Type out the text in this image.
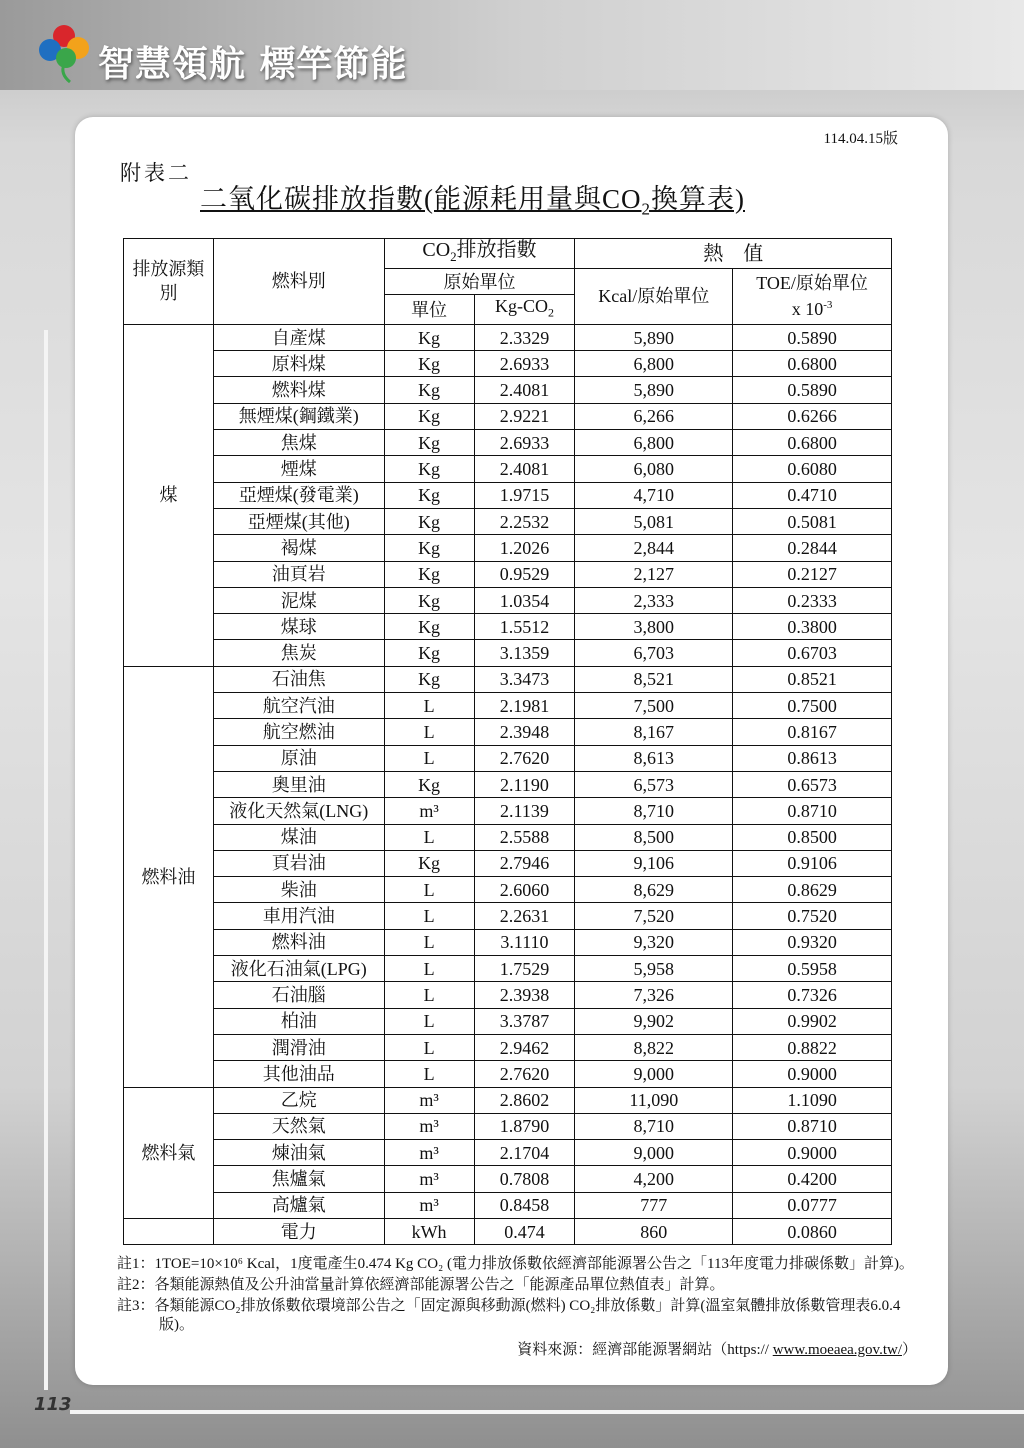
智慧領航 標竿節能
113
114.04.15版
附表二
二氧化碳排放指數(能源耗用量與$CO_2$換算表)
排放源類別	燃料別	$CO_2$排放指數		熱　值	
		原始單位		Kcal/原始單位	TOE/原始單位
x $10^{-3}$

		單位	$Kg-CO_2$
煤	自產煤	Kg	2.3329	5,890	0.5890
	原料煤	Kg	2.6933	6,800	0.6800
	燃料煤	Kg	2.4081	5,890	0.5890
	無煙煤(鋼鐵業)	Kg	2.9221	6,266	0.6266
	焦煤	Kg	2.6933	6,800	0.6800
	煙煤	Kg	2.4081	6,080	0.6080
	亞煙煤(發電業)	Kg	1.9715	4,710	0.4710
	亞煙煤(其他)	Kg	2.2532	5,081	0.5081
	褐煤	Kg	1.2026	2,844	0.2844
	油頁岩	Kg	0.9529	2,127	0.2127
	泥煤	Kg	1.0354	2,333	0.2333
	煤球	Kg	1.5512	3,800	0.3800
	焦炭	Kg	3.1359	6,703	0.6703
燃料油	石油焦	Kg	3.3473	8,521	0.8521
	航空汽油	L	2.1981	7,500	0.7500
	航空燃油	L	2.3948	8,167	0.8167
	原油	L	2.7620	8,613	0.8613
	奧里油	Kg	2.1190	6,573	0.6573
	液化天然氣(LNG)	m³	2.1139	8,710	0.8710
	煤油	L	2.5588	8,500	0.8500
	頁岩油	Kg	2.7946	9,106	0.9106
	柴油	L	2.6060	8,629	0.8629
	車用汽油	L	2.2631	7,520	0.7520
	燃料油	L	3.1110	9,320	0.9320
	液化石油氣(LPG)	L	1.7529	5,958	0.5958
	石油腦	L	2.3938	7,326	0.7326
	柏油	L	3.3787	9,902	0.9902
	潤滑油	L	2.9462	8,822	0.8822
	其他油品	L	2.7620	9,000	0.9000
燃料氣	乙烷	m³	2.8602	11,090	1.1090
	天然氣	m³	1.8790	8,710	0.8710
	煉油氣	m³	2.1704	9,000	0.9000
	焦爐氣	m³	0.7808	4,200	0.4200
	高爐氣	m³	0.8458	777	0.0777
	電力	kWh	0.474	860	0.0860
註1：1TOE=10×10⁶ Kcal，1度電產生0.474 Kg CO₂ (電力排放係數依經濟部能源署公告之「113年度電力排碳係數」計算)。
註2：各類能源熱值及公升油當量計算依經濟部能源署公告之「能源產品單位熱值表」計算。
註3：各類能源CO₂排放係數依環境部公告之「固定源與移動源(燃料) CO₂排放係數」計算(溫室氣體排放係數管理表6.0.4版)。
資料來源：經濟部能源署網站（https:// www.moeaea.gov.tw/）
